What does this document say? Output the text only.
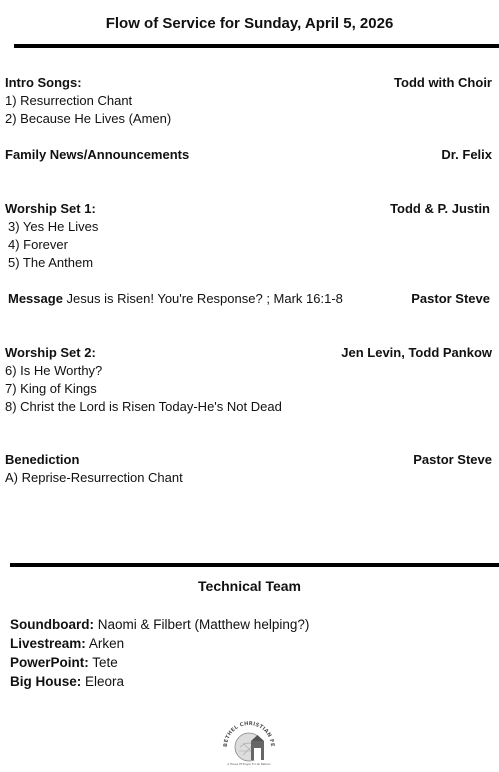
Flow of Service for Sunday, April 5, 2026
Intro Songs:	Todd with Choir
1) Resurrection Chant
2) Because He Lives (Amen)
Family News/Announcements	Dr. Felix
Worship Set 1:	Todd & P. Justin
3) Yes He Lives
4) Forever
5) The Anthem
Message Jesus is Risen! You're Response? ; Mark 16:1-8	Pastor Steve
Worship Set 2:	Jen Levin, Todd Pankow
6) Is He Worthy?
7) King of Kings
8) Christ the Lord is Risen Today-He's Not Dead
Benediction	Pastor Steve
A) Reprise-Resurrection Chant
Technical Team
Soundboard: Naomi & Filbert (Matthew helping?)
Livestream: Arken
PowerPoint: Tete
Big House: Eleora
BETHEL CHRISTIAN FE
A House Of Prayer For All Nations
